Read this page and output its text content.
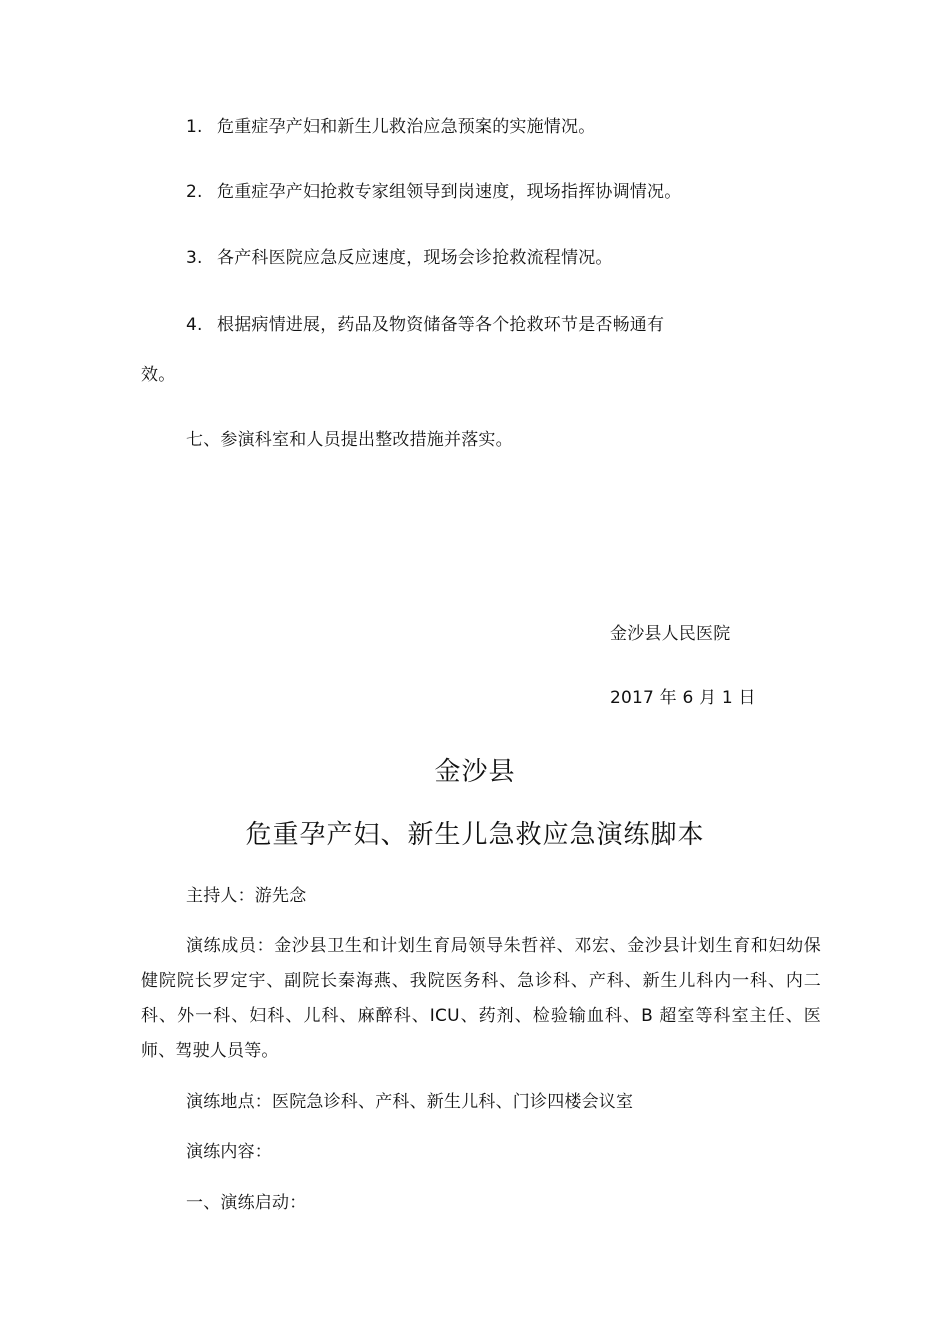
1. 危重症孕产妇和新生儿救治应急预案的实施情况。
2. 危重症孕产妇抢救专家组领导到岗速度，现场指挥协调情况。
3. 各产科医院应急反应速度，现场会诊抢救流程情况。
4. 根据病情进展，药品及物资储备等各个抢救环节是否畅通有
效。
七、参演科室和人员提出整改措施并落实。
金沙县人民医院
2017 年 6 月 1 日
金沙县
危重孕产妇、新生儿急救应急演练脚本
主持人：游先念
演练成员：金沙县卫生和计划生育局领导朱哲祥、邓宏、金沙县计划生育和妇幼保健院院长罗定宇、副院长秦海燕、我院医务科、急诊科、产科、新生儿科内一科、内二科、外一科、妇科、儿科、麻醉科、ICU、药剂、检验输血科、B 超室等科室主任、医师、驾驶人员等。
演练地点：医院急诊科、产科、新生儿科、门诊四楼会议室
演练内容：
一、演练启动：
